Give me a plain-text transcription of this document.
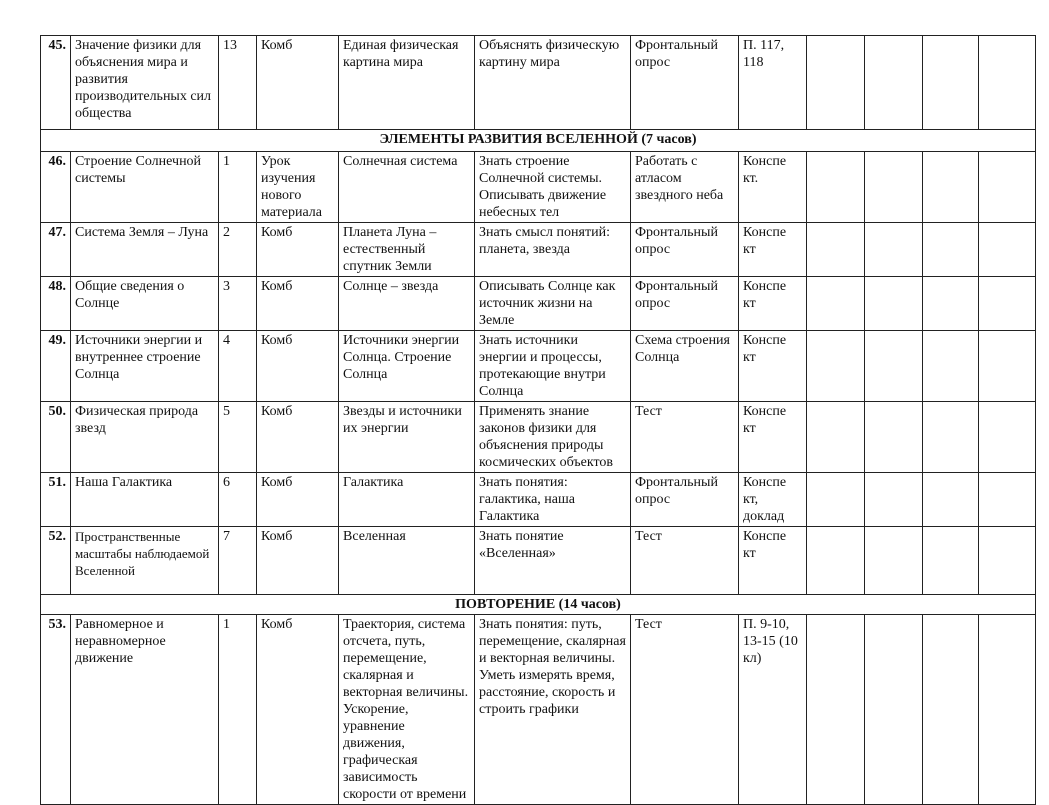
45.	Значение физики для объяснения мира и развития производительных сил общества	13	Комб	Единая физическая картина мира	Объяснять физическую картину мира	Фронтальный опрос	П. 117, 118				
ЭЛЕМЕНТЫ РАЗВИТИЯ ВСЕЛЕННОЙ (7 часов)											
46.	Строение Солнечной системы	1	Урок изучения нового материала	Солнечная система	Знать строение Солнечной системы. Описывать движение небесных тел	Работать с атласом звездного неба	Конспе кт.				
47.	Система Земля – Луна	2	Комб	Планета Луна – естественный спутник Земли	Знать смысл понятий: планета, звезда	Фронтальный опрос	Конспе кт				
48.	Общие сведения о Солнце	3	Комб	Солнце – звезда	Описывать Солнце как источник жизни на Земле	Фронтальный опрос	Конспе кт				
49.	Источники энергии и внутреннее строение Солнца	4	Комб	Источники энергии Солнца. Строение Солнца	Знать источники энергии и процессы, протекающие внутри Солнца	Схема строения Солнца	Конспе кт				
50.	Физическая природа звезд	5	Комб	Звезды и источники их энергии	Применять знание законов физики для объяснения природы космических объектов	Тест	Конспе кт				
51.	Наша Галактика	6	Комб	Галактика	Знать понятия: галактика, наша Галактика	Фронтальный опрос	Конспе кт, доклад				
52.	Пространственные масштабы наблюдаемой Вселенной	7	Комб	Вселенная	Знать понятие «Вселенная»	Тест	Конспе кт				
ПОВТОРЕНИЕ (14 часов)											
53.	Равномерное и неравномерное движение	1	Комб	Траектория, система отсчета, путь, перемещение, скалярная и векторная величины. Ускорение, уравнение движения, графическая зависимость скорости от времени	Знать понятия: путь, перемещение, скалярная и векторная величины. Уметь измерять время, расстояние, скорость и строить графики	Тест	П. 9-10, 13-15 (10 кл)				
